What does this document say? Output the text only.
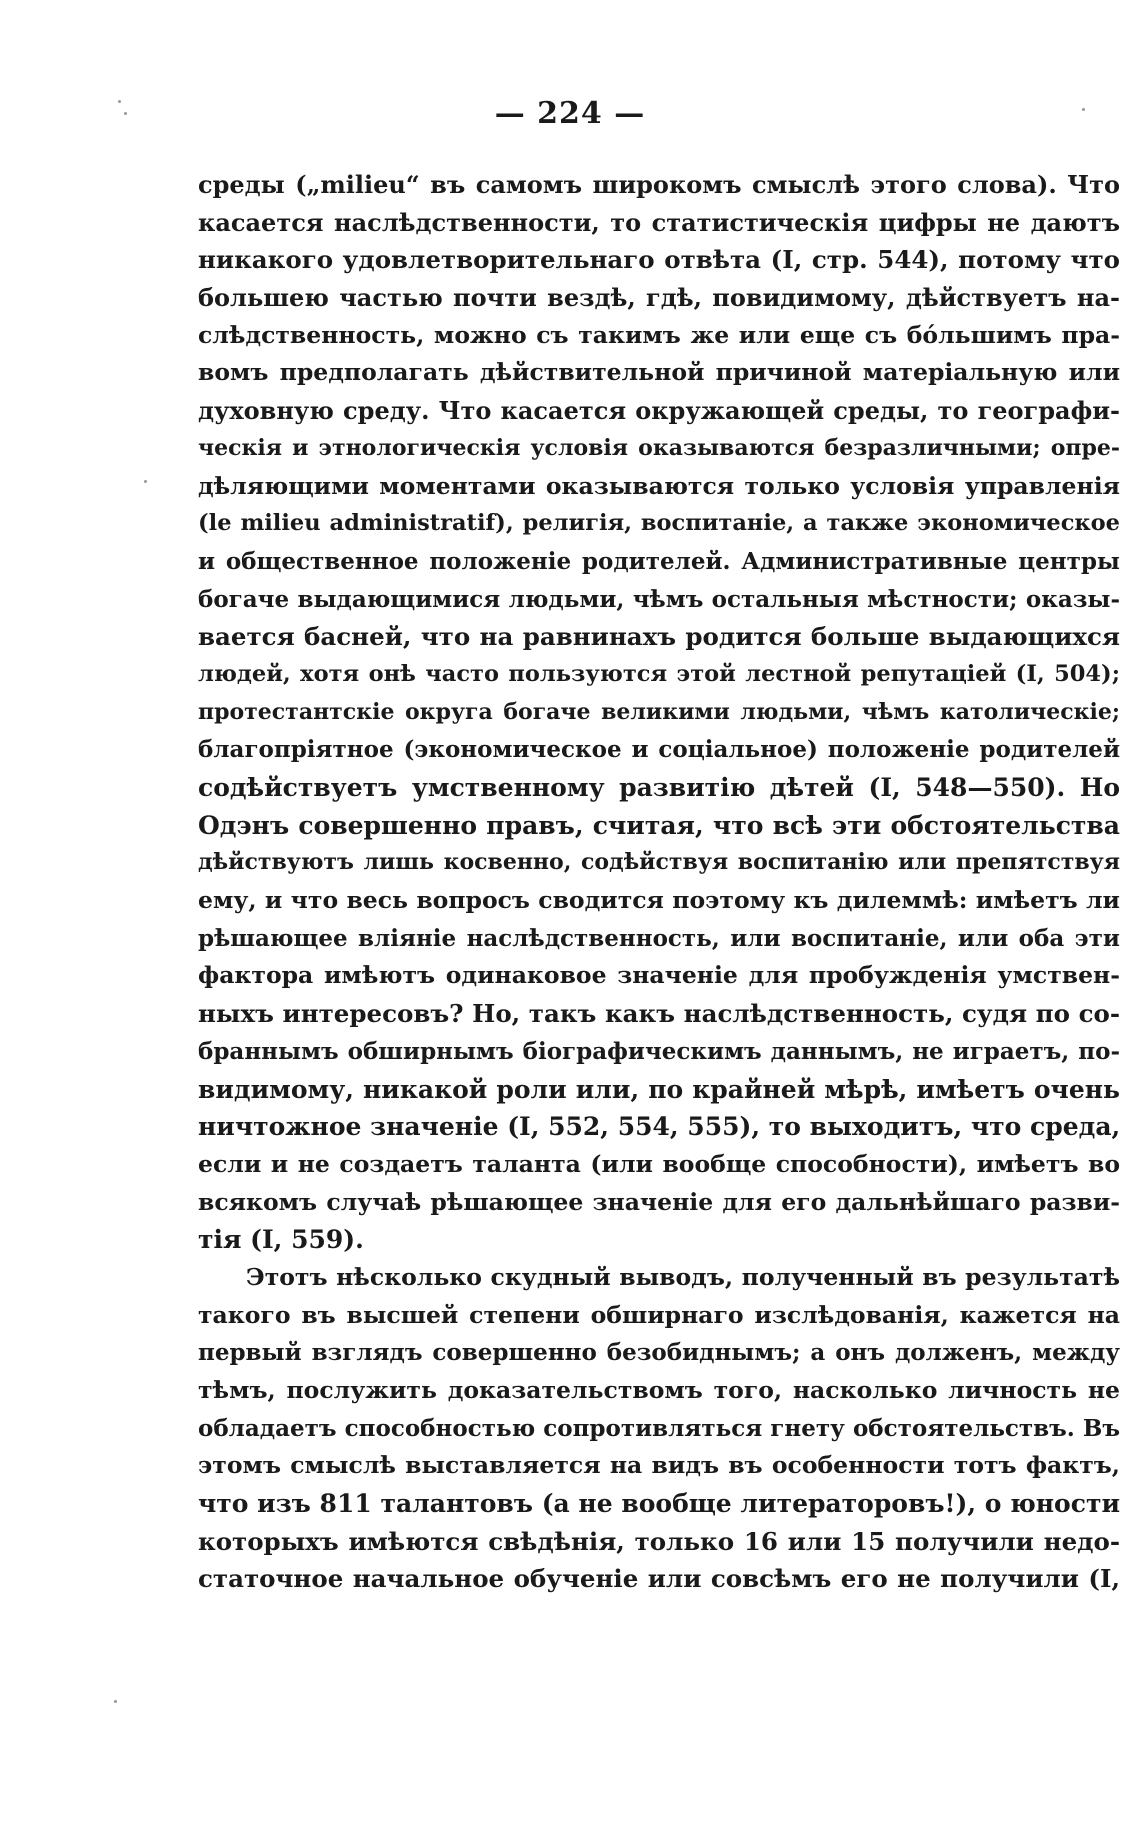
— 224 —
среды („milieu“ въ самомъ широкомъ смыслѣ этого слова). Что
касается наслѣдственности, то статистическія цифры не даютъ
никакого удовлетворительнаго отвѣта (I, стр. 544), потому что
большею частью почти вездѣ, гдѣ, повидимому, дѣйствуетъ на-
слѣдственность, можно съ такимъ же или еще съ бóльшимъ пра-
вомъ предполагать дѣйствительной причиной матеріальную или
духовную среду. Что касается окружающей среды, то географи-
ческія и этнологическія условія оказываются безразличными; опре-
дѣляющими моментами оказываются только условія управленія
(le milieu administratif), религія, воспитаніе, а также экономическое
и общественное положеніе родителей. Административные центры
богаче выдающимися людьми, чѣмъ остальныя мѣстности; оказы-
вается басней, что на равнинахъ родится больше выдающихся
людей, хотя онѣ часто пользуются этой лестной репутаціей (I, 504);
протестантскіе округа богаче великими людьми, чѣмъ католическіе;
благопріятное (экономическое и соціальное) положеніе родителей
содѣйствуетъ умственному развитію дѣтей (I, 548—550). Но
Одэнъ совершенно правъ, считая, что всѣ эти обстоятельства
дѣйствуютъ лишь косвенно, содѣйствуя воспитанію или препятствуя
ему, и что весь вопросъ сводится поэтому къ дилеммѣ: имѣетъ ли
рѣшающее вліяніе наслѣдственность, или воспитаніе, или оба эти
фактора имѣютъ одинаковое значеніе для пробужденія умствен-
ныхъ интересовъ? Но, такъ какъ наслѣдственность, судя по со-
браннымъ обширнымъ біографическимъ даннымъ, не играетъ, по-
видимому, никакой роли или, по крайней мѣрѣ, имѣетъ очень
ничтожное значеніе (I, 552, 554, 555), то выходитъ, что среда,
если и не создаетъ таланта (или вообще способности), имѣетъ во
всякомъ случаѣ рѣшающее значеніе для его дальнѣйшаго разви-
тія (I, 559).
Этотъ нѣсколько скудный выводъ, полученный въ результатѣ
такого въ высшей степени обширнаго изслѣдованія, кажется на
первый взглядъ совершенно безобиднымъ; а онъ долженъ, между
тѣмъ, послужить доказательствомъ того, насколько личность не
обладаетъ способностью сопротивляться гнету обстоятельствъ. Въ
этомъ смыслѣ выставляется на видъ въ особенности тотъ фактъ,
что изъ 811 талантовъ (а не вообще литераторовъ!), о юности
которыхъ имѣются свѣдѣнія, только 16 или 15 получили недо-
статочное начальное обученіе или совсѣмъ его не получили (I,
